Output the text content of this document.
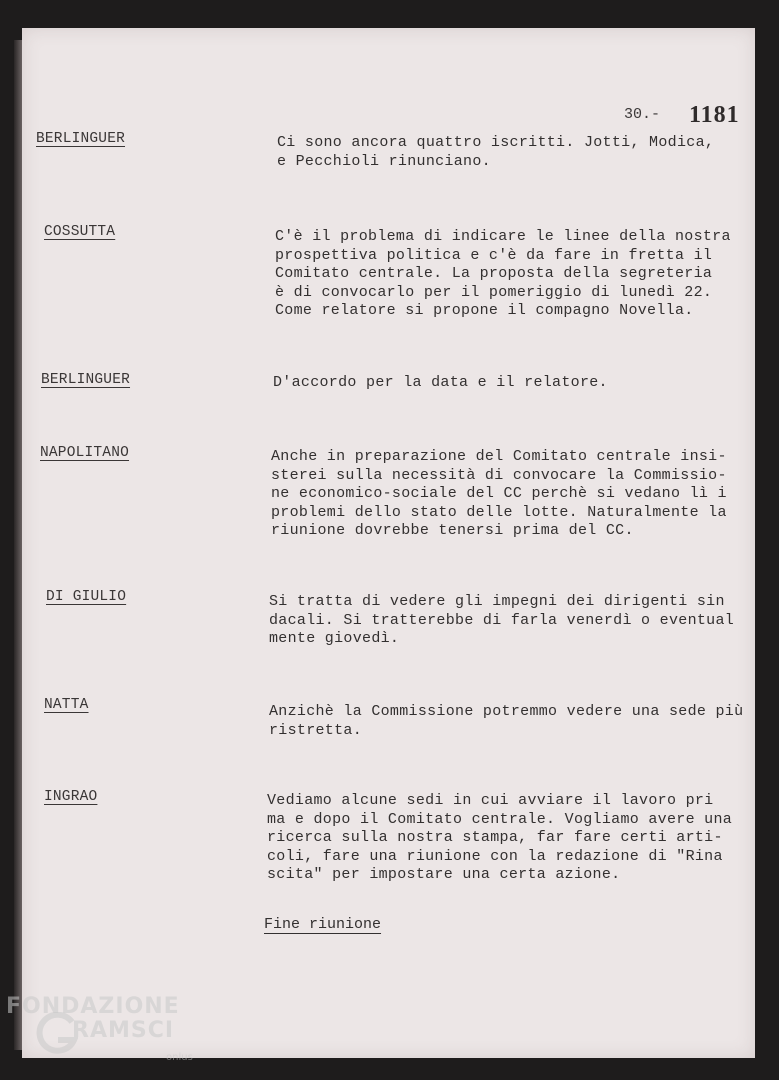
30.- 1181
BERLINGUER	Ci sono ancora quattro iscritti. Jotti, Modica,
e Pecchioli rinunciano.
COSSUTTA	C'è il problema di indicare le linee della nostra
prospettiva politica e c'è da fare in fretta il
Comitato centrale. La proposta della segreteria
è di convocarlo per il pomeriggio di lunedì 22.
Come relatore si propone il compagno Novella.
BERLINGUER	D'accordo per la data e il relatore.
NAPOLITANO	Anche in preparazione del Comitato centrale insi-
sterei sulla necessità di convocare la Commissio-
ne economico-sociale del CC perchè si vedano lì i
problemi dello stato delle lotte. Naturalmente la
riunione dovrebbe tenersi prima del CC.
DI GIULIO	Si tratta di vedere gli impegni dei dirigenti sin
dacali. Si tratterebbe di farla venerdì o eventual
mente giovedì.
NATTA	Anzichè la Commissione potremmo vedere una sede più
ristretta.
INGRAO	Vediamo alcune sedi in cui avviare il lavoro pri
ma e dopo il Comitato centrale. Vogliamo avere una
ricerca sulla nostra stampa, far fare certi arti-
coli, fare una riunione con la redazione di "Rina
scita" per impostare una certa azione.
Fine riunione
FONDAZIONE
RAMSCI
onlus
